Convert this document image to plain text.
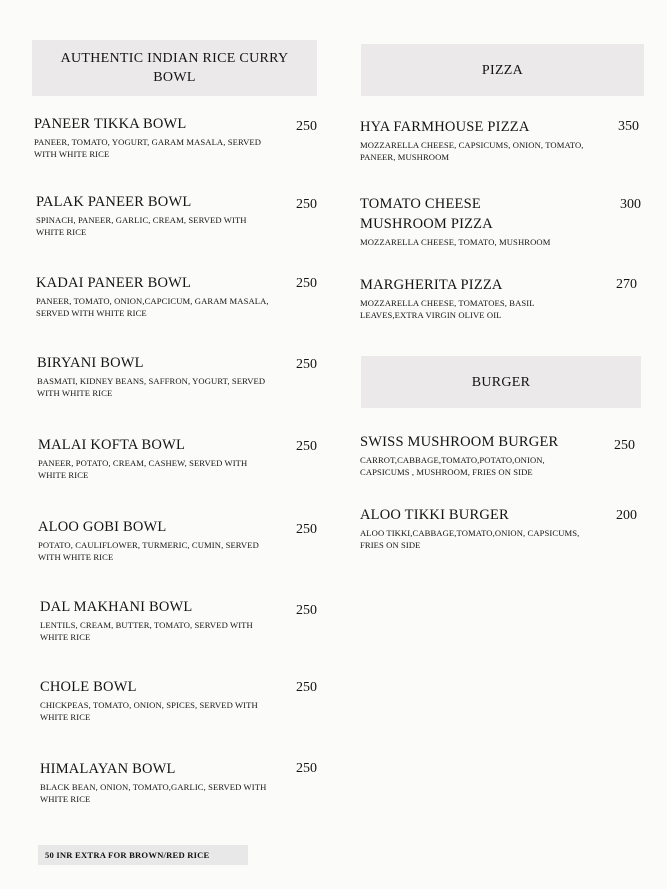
AUTHENTIC INDIAN RICE CURRY BOWL
PANEER TIKKA BOWL
PANEER, TOMATO, YOGURT, GARAM MASALA, SERVED WITH WHITE RICE
250
PALAK PANEER BOWL
SPINACH, PANEER, GARLIC, CREAM, SERVED WITH WHITE RICE
250
KADAI PANEER BOWL
PANEER, TOMATO, ONION,CAPCICUM, GARAM MASALA, SERVED WITH WHITE RICE
250
BIRYANI BOWL
BASMATI, KIDNEY BEANS, SAFFRON, YOGURT, SERVED WITH WHITE RICE
250
MALAI KOFTA BOWL
PANEER, POTATO, CREAM, CASHEW, SERVED WITH WHITE RICE
250
ALOO GOBI BOWL
POTATO, CAULIFLOWER, TURMERIC, CUMIN, SERVED WITH WHITE RICE
250
DAL MAKHANI BOWL
LENTILS, CREAM, BUTTER, TOMATO, SERVED WITH WHITE RICE
250
CHOLE BOWL
CHICKPEAS, TOMATO, ONION, SPICES, SERVED WITH WHITE RICE
250
HIMALAYAN BOWL
BLACK BEAN, ONION, TOMATO,GARLIC, SERVED WITH WHITE RICE
250
50 INR EXTRA FOR BROWN/RED RICE
PIZZA
HYA FARMHOUSE PIZZA
MOZZARELLA CHEESE, CAPSICUMS, ONION, TOMATO, PANEER, MUSHROOM
350
TOMATO CHEESE MUSHROOM PIZZA
MOZZARELLA CHEESE, TOMATO, MUSHROOM
300
MARGHERITA PIZZA
MOZZARELLA CHEESE, TOMATOES, BASIL LEAVES,EXTRA VIRGIN OLIVE OIL
270
BURGER
SWISS MUSHROOM BURGER
CARROT,CABBAGE,TOMATO,POTATO,ONION, CAPSICUMS , MUSHROOM, FRIES ON SIDE
250
ALOO TIKKI BURGER
ALOO TIKKI,CABBAGE,TOMATO,ONION, CAPSICUMS, FRIES ON SIDE
200
